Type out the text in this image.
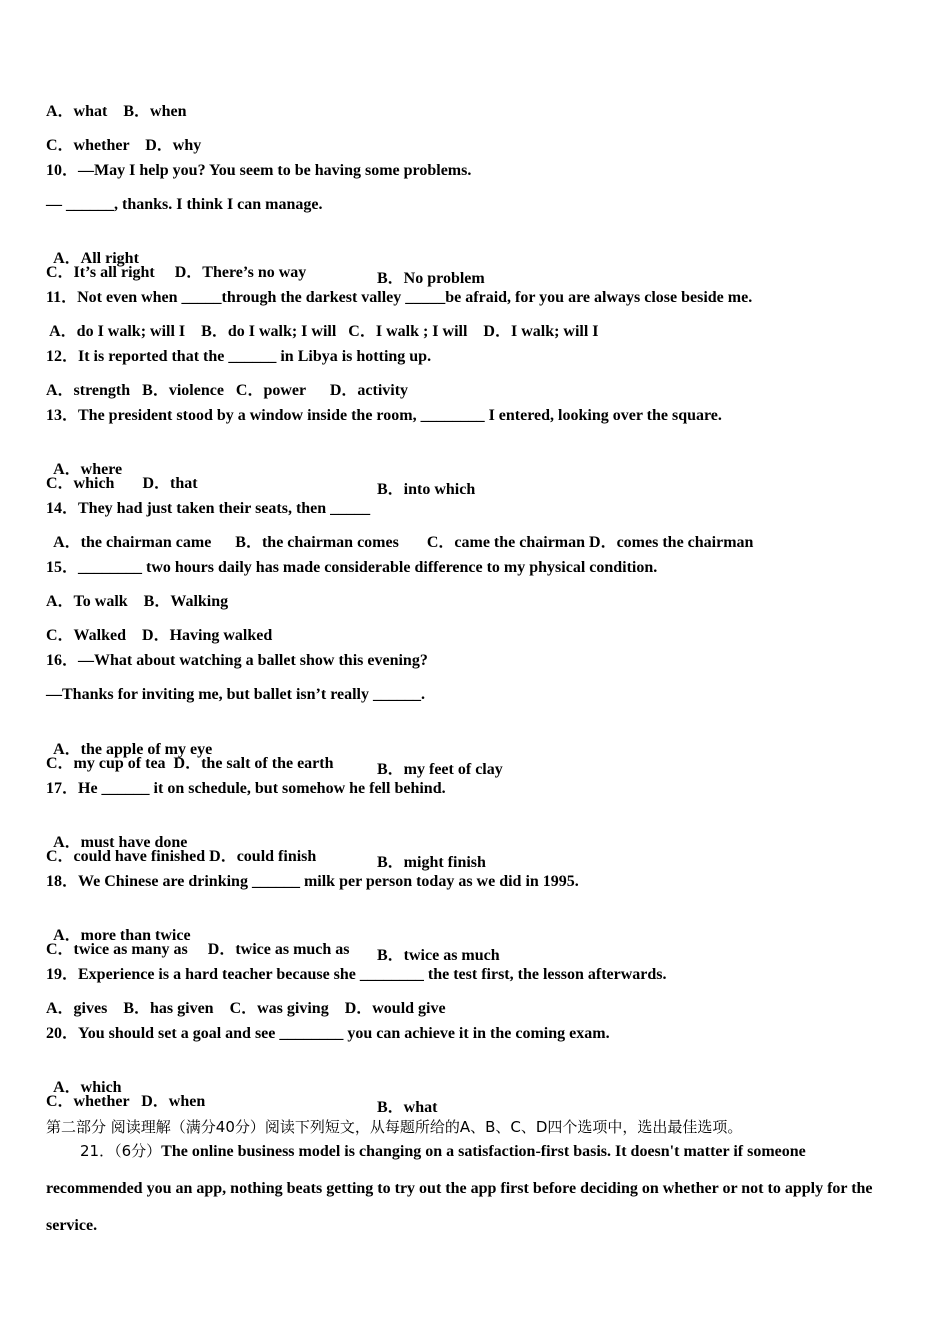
A．what    B．when
C．whether    D．why
10．—May I help you? You seem to be having some problems.
— ______, thanks. I think I can manage.

A．All right

B．No problem

C．It’s all right     D．There’s no way
11．Not even when _____through the darkest valley _____be afraid, for you are always close beside me.
A．do I walk; will I    B．do I walk; I will   C．I walk ; I will    D．I walk; will I
12．It is reported that the ______ in Libya is hotting up.
A．strength   B．violence   C．power      D．activity
13．The president stood by a window inside the room, ________ I entered, looking over the square.

A．where

B．into which

C．which       D．that
14．They had just taken their seats, then _____
A．the chairman came      B．the chairman comes       C．came the chairman D．comes the chairman
15．________ two hours daily has made considerable difference to my physical condition.
A．To walk    B．Walking
C．Walked    D．Having walked
16．—What about watching a ballet show this evening?
—Thanks for inviting me, but ballet isn’t really ______.

A．the apple of my eye

B．my feet of clay

C．my cup of tea  D．the salt of the earth
17．He ______ it on schedule, but somehow he fell behind.

A．must have done

B．might finish

C．could have finished D．could finish
18．We Chinese are drinking ______ milk per person today as we did in 1995.

A．more than twice

B．twice as much

C．twice as many as     D．twice as much as
19．Experience is a hard teacher because she ________ the test first, the lesson afterwards.
A．gives    B．has given    C．was giving    D．would give
20．You should set a goal and see ________ you can achieve it in the coming exam.

A．which

B．what

C．whether   D．when
第二部分 阅读理解（满分40分）阅读下列短文，从每题所给的A、B、C、D四个选项中，选出最佳选项。
21．（6分）The online business model is changing on a satisfaction-first basis. It doesn't matter if someone recommended you an app, nothing beats getting to try out the app first before deciding on whether or not to apply for the service.
